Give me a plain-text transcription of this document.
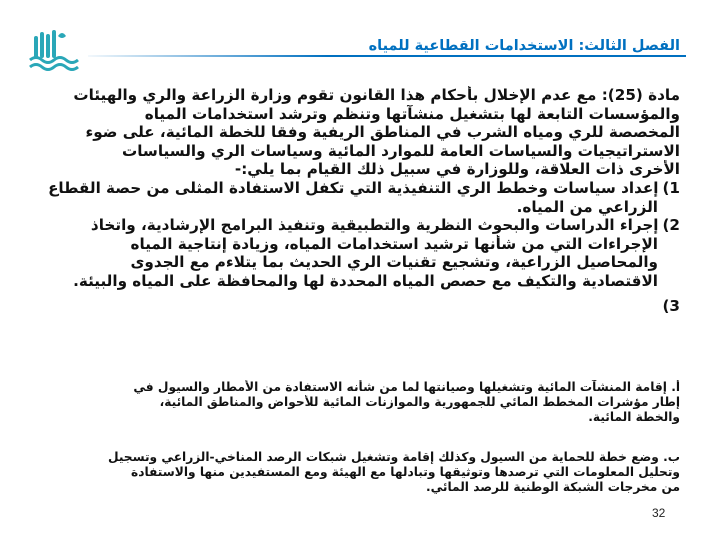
الفصل الثالث: الاستخدامات القطاعية للمياه
مادة (25): مع عدم الإخلال بأحكام هذا القانون تقوم وزارة الزراعة والري والهيئات
والمؤسسات التابعة لها بتشغيل منشآتها وتنظم وترشد استخدامات المياه
المخصصة للري ومياه الشرب في المناطق الريفية وفقا للخطة المائية، على ضوء
الاستراتيجيات والسياسات العامة للموارد المائية وسياسات الري والسياسات
الأخرى ذات العلاقة، وللوزارة في سبيل ذلك القيام بما يلي:-
1)إعداد سياسات وخطط الري التنفيذية التي تكفل الاستفادة المثلى من حصة القطاع
الزراعي من المياه.
2)إجراء الدراسات والبحوث النظرية والتطبيقية وتنفيذ البرامج الإرشادية، واتخاذ
الإجراءات التي من شأنها ترشيد استخدامات المياه، وزيادة إنتاجية المياه
والمحاصيل الزراعية، وتشجيع تقنيات الري الحديث بما يتلاءم مع الجدوى
الاقتصادية والتكيف مع حصص المياه المحددة لها والمحافظة على المياه والبيئة.
3)
أ. إقامة المنشآت المائية وتشغيلها وصيانتها لما من شأنه الاستفادة من الأمطار والسيول في
إطار مؤشرات المخطط المائي للجمهورية والموازنات المائية للأحواض والمناطق المائية،
والخطة المائية.
ب. وضع خطة للحماية من السيول وكذلك إقامة وتشغيل شبكات الرصد المناخي-الزراعي وتسجيل
وتحليل المعلومات التي ترصدها وتوثيقها وتبادلها مع الهيئة ومع المستفيدين منها والاستفادة
من مخرجات الشبكة الوطنية للرصد المائي.
32
